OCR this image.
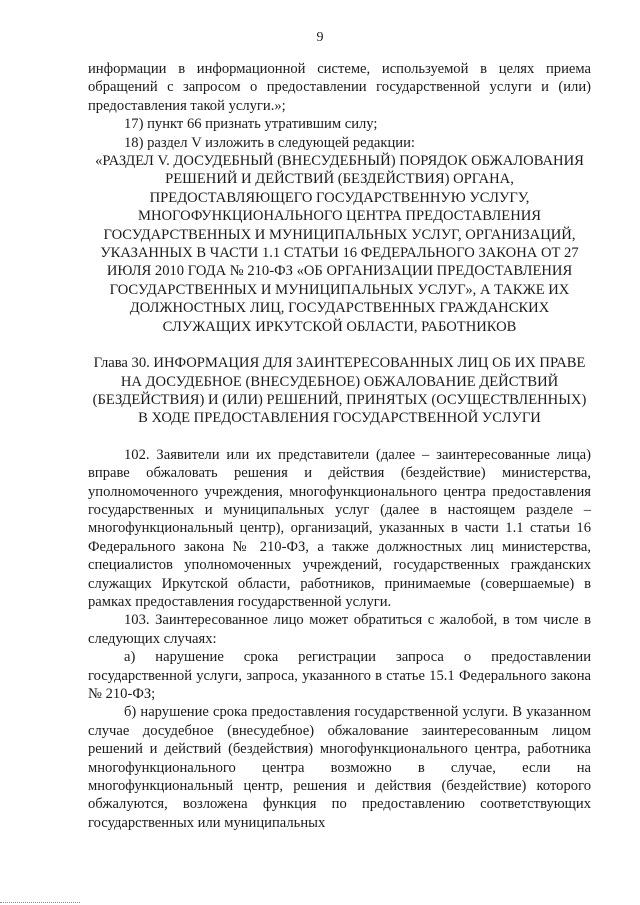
9

информации в информационной системе, используемой в целях приема обращений с запросом о предоставлении государственной услуги и (или) предоставления такой услуги.»;

17) пункт 66 признать утратившим силу;

18) раздел V изложить в следующей редакции:

«РАЗДЕЛ V. ДОСУДЕБНЫЙ (ВНЕСУДЕБНЫЙ) ПОРЯДОК ОБЖАЛОВАНИЯ РЕШЕНИЙ И ДЕЙСТВИЙ (БЕЗДЕЙСТВИЯ) ОРГАНА, ПРЕДОСТАВЛЯЮЩЕГО ГОСУДАРСТВЕННУЮ УСЛУГУ, МНОГОФУНКЦИОНАЛЬНОГО ЦЕНТРА ПРЕДОСТАВЛЕНИЯ ГОСУДАРСТВЕННЫХ И МУНИЦИПАЛЬНЫХ УСЛУГ, ОРГАНИЗАЦИЙ, УКАЗАННЫХ В ЧАСТИ 1.1 СТАТЬИ 16 ФЕДЕРАЛЬНОГО ЗАКОНА ОТ 27 ИЮЛЯ 2010 ГОДА № 210-ФЗ «ОБ ОРГАНИЗАЦИИ ПРЕДОСТАВЛЕНИЯ ГОСУДАРСТВЕННЫХ И МУНИЦИПАЛЬНЫХ УСЛУГ», А ТАКЖЕ ИХ ДОЛЖНОСТНЫХ ЛИЦ, ГОСУДАРСТВЕННЫХ ГРАЖДАНСКИХ СЛУЖАЩИХ ИРКУТСКОЙ ОБЛАСТИ, РАБОТНИКОВ

Глава 30. ИНФОРМАЦИЯ ДЛЯ ЗАИНТЕРЕСОВАННЫХ ЛИЦ ОБ ИХ ПРАВЕ НА ДОСУДЕБНОЕ (ВНЕСУДЕБНОЕ) ОБЖАЛОВАНИЕ ДЕЙСТВИЙ (БЕЗДЕЙСТВИЯ) И (ИЛИ) РЕШЕНИЙ, ПРИНЯТЫХ (ОСУЩЕСТВЛЕННЫХ) В ХОДЕ ПРЕДОСТАВЛЕНИЯ ГОСУДАРСТВЕННОЙ УСЛУГИ

102. Заявители или их представители (далее – заинтересованные лица) вправе обжаловать решения и действия (бездействие) министерства, уполномоченного учреждения, многофункционального центра предоставления государственных и муниципальных услуг (далее в настоящем разделе – многофункциональный центр), организаций, указанных в части 1.1 статьи 16 Федерального закона № 210-ФЗ, а также должностных лиц министерства, специалистов уполномоченных учреждений, государственных гражданских служащих Иркутской области, работников, принимаемые (совершаемые) в рамках предоставления государственной услуги.

103. Заинтересованное лицо может обратиться с жалобой, в том числе в следующих случаях:

а) нарушение срока регистрации запроса о предоставлении государственной услуги, запроса, указанного в статье 15.1 Федерального закона № 210-ФЗ;

б) нарушение срока предоставления государственной услуги. В указанном случае досудебное (внесудебное) обжалование заинтересованным лицом решений и действий (бездействия) многофункционального центра, работника многофункционального центра возможно в случае, если на многофункциональный центр, решения и действия (бездействие) которого обжалуются, возложена функция по предоставлению соответствующих государственных или муниципальных
